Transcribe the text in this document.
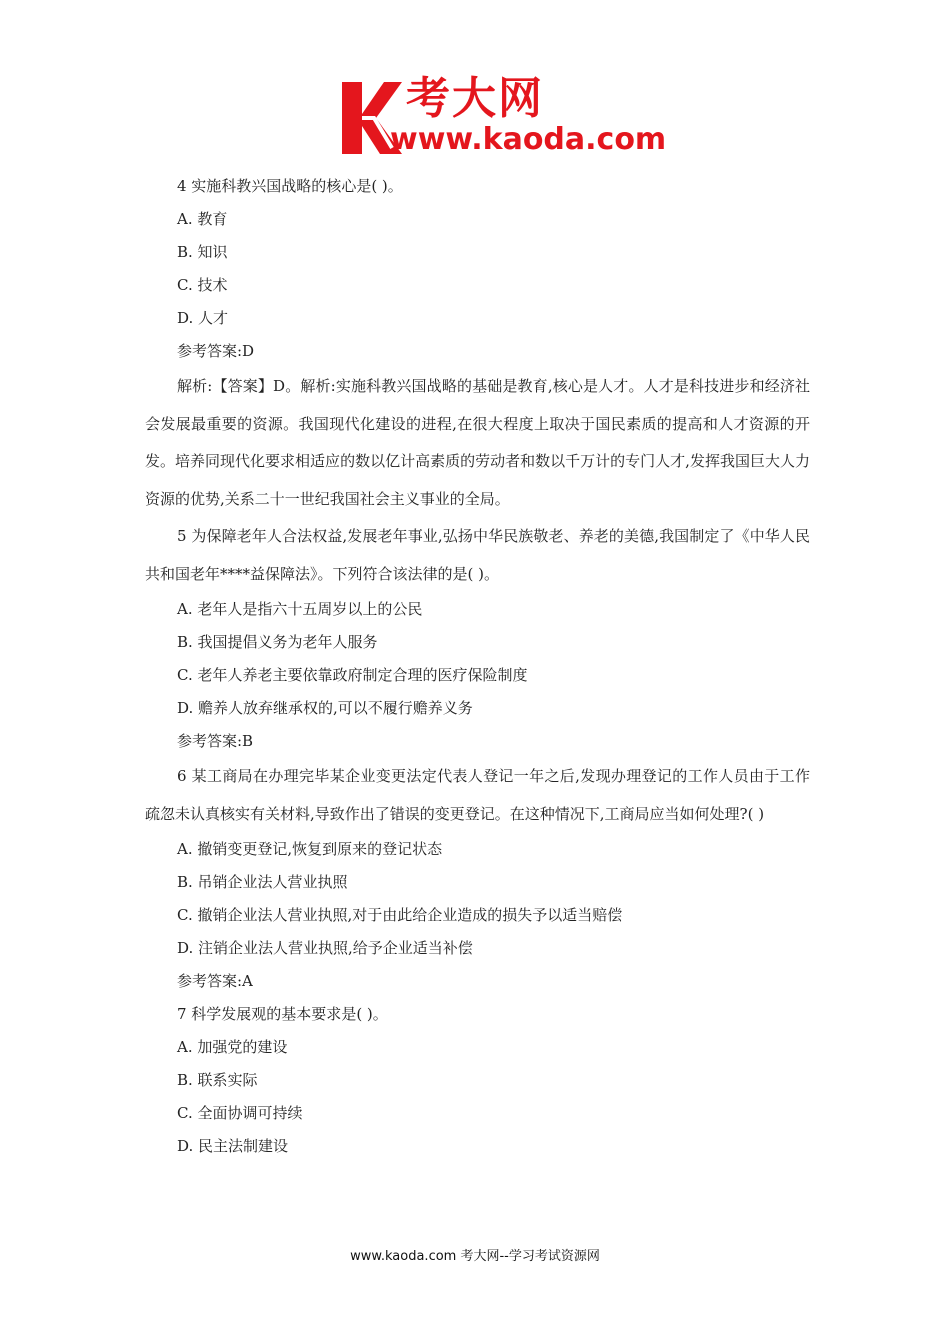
考大网
www.kaoda.com
4 实施科教兴国战略的核心是( )。
A. 教育
B. 知识
C. 技术
D. 人才
参考答案:D
解析:【答案】D。解析:实施科教兴国战略的基础是教育,核心是人才。人才是科技进步和经济社会发展最重要的资源。我国现代化建设的进程,在很大程度上取决于国民素质的提高和人才资源的开发。培养同现代化要求相适应的数以亿计高素质的劳动者和数以千万计的专门人才,发挥我国巨大人力资源的优势,关系二十一世纪我国社会主义事业的全局。
5 为保障老年人合法权益,发展老年事业,弘扬中华民族敬老、养老的美德,我国制定了《中华人民共和国老年****益保障法》。下列符合该法律的是( )。
A. 老年人是指六十五周岁以上的公民
B. 我国提倡义务为老年人服务
C. 老年人养老主要依靠政府制定合理的医疗保险制度
D. 赡养人放弃继承权的,可以不履行赡养义务
参考答案:B
6 某工商局在办理完毕某企业变更法定代表人登记一年之后,发现办理登记的工作人员由于工作疏忽未认真核实有关材料,导致作出了错误的变更登记。在这种情况下,工商局应当如何处理?( )
A. 撤销变更登记,恢复到原来的登记状态
B. 吊销企业法人营业执照
C. 撤销企业法人营业执照,对于由此给企业造成的损失予以适当赔偿
D. 注销企业法人营业执照,给予企业适当补偿
参考答案:A
7 科学发展观的基本要求是( )。
A. 加强党的建设
B. 联系实际
C. 全面协调可持续
D. 民主法制建设
www.kaoda.com 考大网--学习考试资源网
